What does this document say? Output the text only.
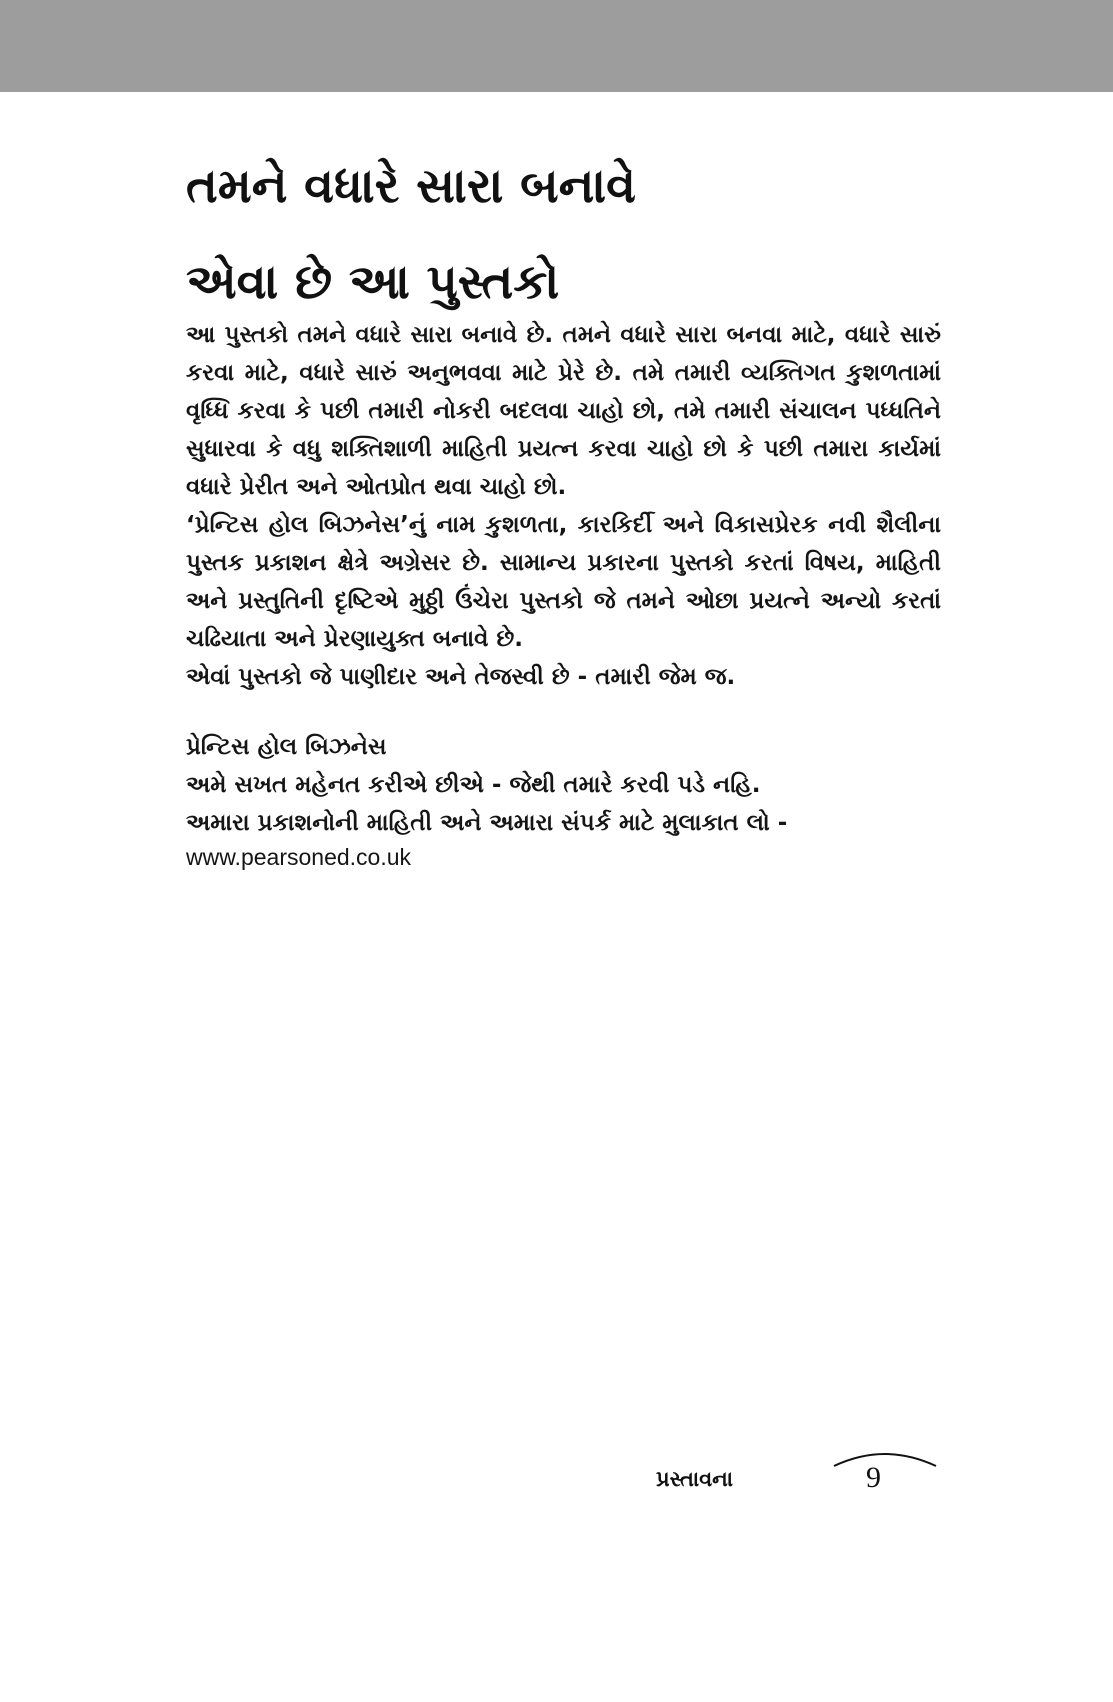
તમને વધારે સારા બનાવે
એવા છે આ પુસ્તકો

આ પુસ્તકો તમને વધારે સારા બનાવે છે. તમને વધારે સારા બનવા માટે, વધારે સારું કરવા માટે, વધારે સારું અનુભવવા માટે પ્રેરે છે. તમે તમારી વ્યક્તિગત કુશળતામાં વૃધ્ધિ કરવા કે પછી તમારી નોકરી બદલવા ચાહો છો, તમે તમારી સંચાલન પધ્ધતિને સુધારવા કે વધુ શક્તિશાળી માહિતી પ્રયત્ન કરવા ચાહો છો કે પછી તમારા કાર્યમાં વધારે પ્રેરીત અને ઓતપ્રોત થવા ચાહો છો.

‘પ્રેન્ટિસ હોલ બિઝનેસ’નું નામ કુશળતા, કારકિર્દી અને વિકાસપ્રેરક નવી શૈલીના પુસ્તક પ્રકાશન ક્ષેત્રે અગ્રેસર છે. સામાન્ય પ્રકારના પુસ્તકો કરતાં વિષય, માહિતી અને પ્રસ્તુતિની દૃષ્ટિએ મુઠ્ઠી ઉંચેરા પુસ્તકો જે તમને ઓછા પ્રયત્ને અન્યો કરતાં ચઢિયાતા અને પ્રેરણાયુક્ત બનાવે છે.

એવાં પુસ્તકો જે પાણીદાર અને તેજસ્વી છે - તમારી જેમ જ.

પ્રેન્ટિસ હોલ બિઝનેસ

અમે સખત મહેનત કરીએ છીએ - જેથી તમારે કરવી પડે નહિ.

અમારા પ્રકાશનોની માહિતી અને અમારા સંપર્ક માટે મુલાકાત લો -

www.pearsoned.co.uk
પ્રસ્તાવના	9
